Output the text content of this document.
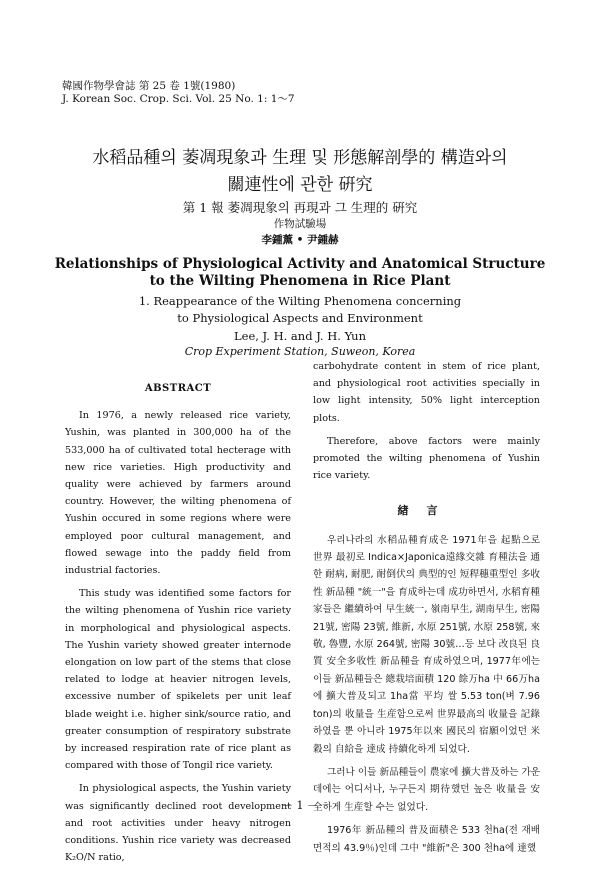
韓國作物學會誌 第 25 卷 1號(1980)
J. Korean Soc. Crop. Sci. Vol. 25 No. 1: 1～7
水稻品種의 萎凋現象과 生理 및 形態解剖學的 構造와의
關連性에 관한 硏究
第 1 報 萎凋現象의 再現과 그 生理的 硏究
作物試驗場
李鍾薰 • 尹鍾赫
Relationships of Physiological Activity and Anatomical Structure
to the Wilting Phenomena in Rice Plant
1. Reappearance of the Wilting Phenomena concerning
to Physiological Aspects and Environment
Lee, J. H. and J. H. Yun
Crop Experiment Station, Suweon, Korea

ABSTRACT

In 1976, a newly released rice variety, Yushin, was planted in 300,000 ha of the 533,000 ha of cultivated total hecterage with new rice varieties. High productivity and quality were achieved by farmers around country. However, the wilting phenomena of Yushin occured in some regions where were employed poor cultural management, and flowed sewage into the paddy field from industrial factories.

This study was identified some factors for the wilting phenomena of Yushin rice variety in morphological and physiological aspects. The Yushin variety showed greater internode elongation on low part of the stems that close related to lodge at heavier nitrogen levels, excessive number of spikelets per unit leaf blade weight i.e. higher sink/source ratio, and greater consumption of respiratory substrate by increased respiration rate of rice plant as compared with those of Tongil rice variety.

In physiological aspects, the Yushin variety was significantly declined root development and root activities under heavy nitrogen conditions. Yushin rice variety was decreased K₂O/N ratio,

carbohydrate content in stem of rice plant, and physiological root activities specially in low light intensity, 50% light interception plots.

Therefore, above factors were mainly promoted the wilting phenomena of Yushin rice variety.

緖言

우리나라의 水稻品種育成은 1971年을 起點으로 世界 最初로 Indica×Japonica遠緣交雜 育種法을 通한 耐病, 耐肥, 耐倒伏의 典型的인 短稈穗重型인 多收性 新品種 "統一"을 育成하는데 成功하면서, 水稻育種家들은 繼續하여 早生統一, 嶺南早生, 湖南早生, 密陽 21號, 密陽 23號, 維新, 水原 251號, 水原 258號, 來敬, 魯豐, 水原 264號, 密陽 30號…등 보다 改良된 良質 安全多收性 新品種을 育成하였으며, 1977年에는 이들 新品種들은 總栽培面積 120 餘万ha 中 66万ha에 擴大普及되고 1ha當 平均 쌀 5.53 ton(벼 7.96 ton)의 收量을 生産함으로써 世界最高의 收量을 記錄하였을 뿐 아니라 1975年以來 國民의 宿願이었던 米穀의 自給을 達成 持續化하게 되었다.

그러나 이들 新品種들이 農家에 擴大普及하는 가운데에는 어디서나, 누구든지 期待했던 높은 收量을 安全하게 生産할 수는 없었다.

1976年 新品種의 普及面積은 533 천ha(전 재배면적의 43.9％)인데 그中 "維新"은 300 천ha에 達했

－ 1 －
